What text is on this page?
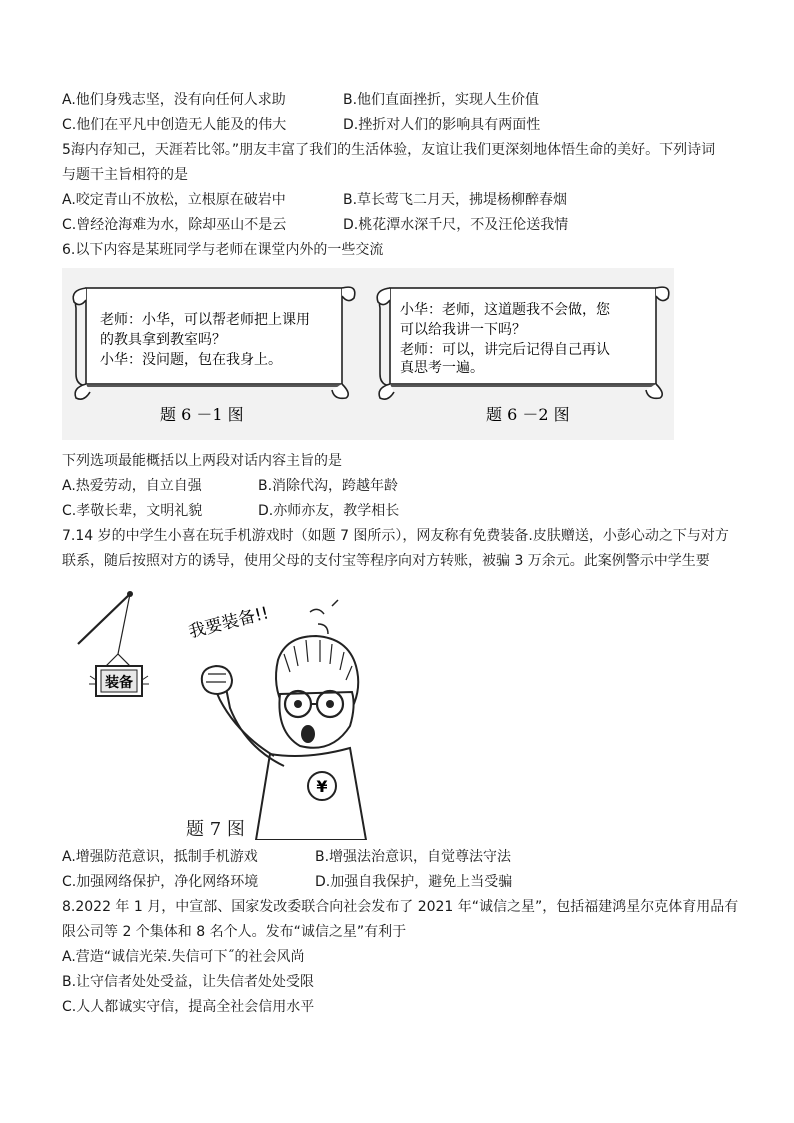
A.他们身残志坚，没有向任何人求助	B.他们直面挫折，实现人生价值
C.他们在平凡中创造无人能及的伟大	D.挫折对人们的影响具有两面性
5海内存知己，天涯若比邻。”朋友丰富了我们的生活体验，友谊让我们更深刻地体悟生命的美好。下列诗词
与题干主旨相符的是
A.咬定青山不放松，立根原在破岩中	B.草长莺飞二月天，拂堤杨柳醉春烟
C.曾经沧海难为水，除却巫山不是云	D.桃花潭水深千尺，不及汪伦送我情
6.以下内容是某班同学与老师在课堂内外的一些交流
老师：小华，可以帮老师把上课用
的教具拿到教室吗？
小华：没问题，包在我身上。
小华：老师，这道题我不会做，您
可以给我讲一下吗？
老师：可以，讲完后记得自己再认
真思考一遍。
题 6 －1 图	题 6 －2 图
下列选项最能概括以上两段对话内容主旨的是
A.热爱劳动，自立自强	B.消除代沟，跨越年龄
C.孝敬长辈，文明礼貌	D.亦师亦友，教学相长
7.14 岁的中学生小喜在玩手机游戏时（如题 7 图所示），网友称有免费装备.皮肤赠送，小彭心动之下与对方
联系，随后按照对方的诱导，使用父母的支付宝等程序向对方转账，被骗 3 万余元。此案例警示中学生要
装备
我要装备!!
¥
题 7 图
A.增强防范意识，抵制手机游戏	B.增强法治意识，自觉尊法守法
C.加强网络保护，净化网络环境	D.加强自我保护，避免上当受骗
8.2022 年 1 月，中宣部、国家发改委联合向社会发布了 2021 年“诚信之星”，包括福建鸿星尔克体育用品有
限公司等 2 个集体和 8 名个人。发布“诚信之星”有利于
A.营造“诚信光荣.失信可下˝的社会风尚
B.让守信者处处受益，让失信者处处受限
C.人人都诚实守信，提高全社会信用水平
